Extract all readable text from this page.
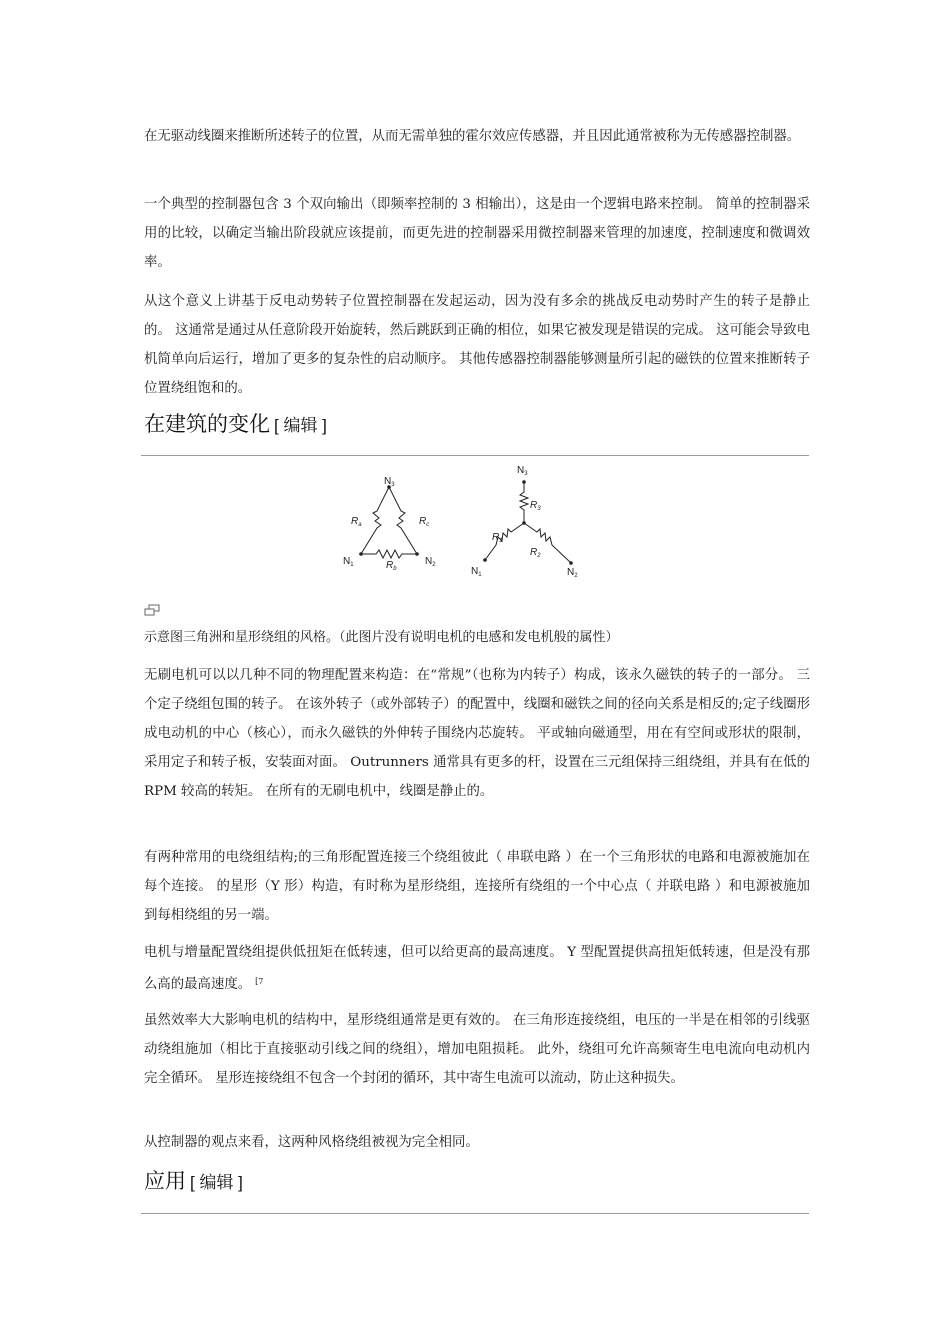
在无驱动线圈来推断所述转子的位置，从而无需单独的霍尔效应传感器，并且因此通常被称为无传感器控制器。

一个典型的控制器包含 3 个双向输出（即频率控制的 3 相输出），这是由一个逻辑电路来控制。 简单的控制器采用的比较，以确定当输出阶段就应该提前，而更先进的控制器采用微控制器来管理的加速度，控制速度和微调效率。

从这个意义上讲基于反电动势转子位置控制器在发起运动，因为没有多余的挑战反电动势时产生的转子是静止的。 这通常是通过从任意阶段开始旋转，然后跳跃到正确的相位，如果它被发现是错误的完成。 这可能会导致电机简单向后运行，增加了更多的复杂性的启动顺序。 其他传感器控制器能够测量所引起的磁铁的位置来推断转子位置绕组饱和的。

在建筑的变化 [ 编辑 ]
$N_3$
$N_1$	$N_2$
$R_a$	$R_c$
$R_b$
$N_3$
$N_1$	$N_2$
$R_3$
$R_1$
$R_2$

示意图三角洲和星形绕组的风格。（此图片没有说明电机的电感和发电机般的属性）

无刷电机可以以几种不同的物理配置来构造：在“常规”（也称为内转子）构成，该永久磁铁的转子的一部分。 三个定子绕组包围的转子。 在该外转子（或外部转子）的配置中，线圈和磁铁之间的径向关系是相反的;定子线圈形成电动机的中心（核心），而永久磁铁的外伸转子围绕内芯旋转。 平或轴向磁通型，用在有空间或形状的限制，采用定子和转子板，安装面对面。 Outrunners 通常具有更多的杆，设置在三元组保持三组绕组，并具有在低的 RPM 较高的转矩。 在所有的无刷电机中，线圈是静止的。

有两种常用的电绕组结构;的三角形配置连接三个绕组彼此（ 串联电路 ）在一个三角形状的电路和电源被施加在每个连接。 的星形（Y 形）构造，有时称为星形绕组，连接所有绕组的一个中心点（ 并联电路 ）和电源被施加到每相绕组的另一端。

电机与增量配置绕组提供低扭矩在低转速，但可以给更高的最高速度。 Y 型配置提供高扭矩低转速，但是没有那么高的最高速度。 $^{[7}$

虽然效率大大影响电机的结构中，星形绕组通常是更有效的。 在三角形连接绕组，电压的一半是在相邻的引线驱动绕组施加（相比于直接驱动引线之间的绕组），增加电阻损耗。 此外，绕组可允许高频寄生电电流向电动机内完全循环。 星形连接绕组不包含一个封闭的循环，其中寄生电流可以流动，防止这种损失。

从控制器的观点来看，这两种风格绕组被视为完全相同。

应用 [ 编辑 ]
